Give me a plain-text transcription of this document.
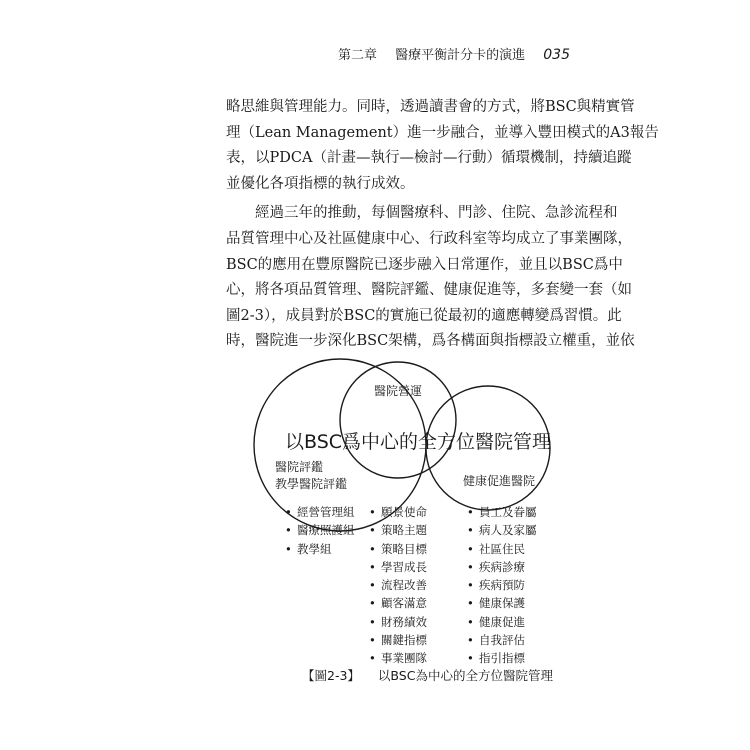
第二章 醫療平衡計分卡的演進 035
略思維與管理能力。同時，透過讀書會的方式，將BSC與精實管
理（Lean Management）進一步融合，並導入豐田模式的A3報告
表，以PDCA（計畫—執行—檢討—行動）循環機制，持續追蹤
並優化各項指標的執行成效。
經過三年的推動，每個醫療科、門診、住院、急診流程和
品質管理中心及社區健康中心、行政科室等均成立了事業團隊，
BSC的應用在豐原醫院已逐步融入日常運作，並且以BSC爲中
心，將各項品質管理、醫院評鑑、健康促進等，多套變一套（如
圖2-3），成員對於BSC的實施已從最初的適應轉變爲習慣。此
時，醫院進一步深化BSC架構，爲各構面與指標設立權重，並依
醫院營運
以BSC爲中心的全方位醫院管理
醫院評鑑
教學醫院評鑑	健康促進醫院
• 經營管理組
• 醫療照護組
• 教學組
• 願景使命
• 策略主題
• 策略目標
• 學習成長
• 流程改善
• 顧客滿意
• 財務績效
• 關鍵指標
• 事業團隊
• 員工及眷屬
• 病人及家屬
• 社區住民
• 疾病診療
• 疾病預防
• 健康保護
• 健康促進
• 自我評估
• 指引指標
【圖2-3】 以BSC為中心的全方位醫院管理
